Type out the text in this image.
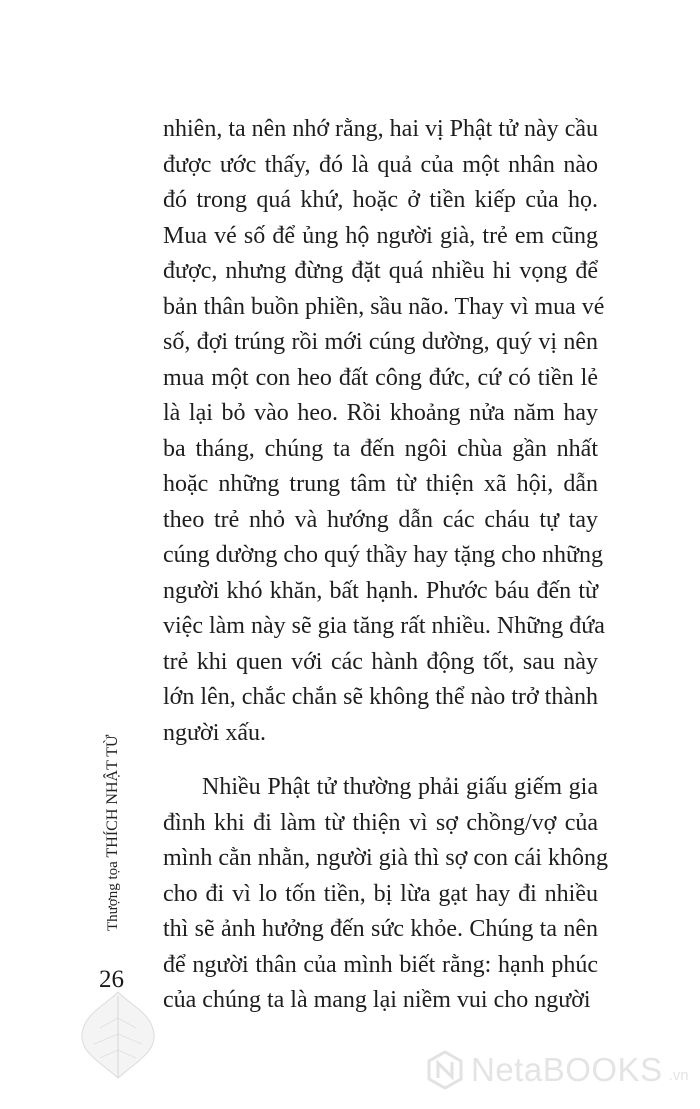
nhiên, ta nên nhớ rằng, hai vị Phật tử này cầu
được ước thấy, đó là quả của một nhân nào
đó trong quá khứ, hoặc ở tiền kiếp của họ.
Mua vé số để ủng hộ người già, trẻ em cũng
được, nhưng đừng đặt quá nhiều hi vọng để
bản thân buồn phiền, sầu não. Thay vì mua vé
số, đợi trúng rồi mới cúng dường, quý vị nên
mua một con heo đất công đức, cứ có tiền lẻ
là lại bỏ vào heo. Rồi khoảng nửa năm hay
ba tháng, chúng ta đến ngôi chùa gần nhất
hoặc những trung tâm từ thiện xã hội, dẫn
theo trẻ nhỏ và hướng dẫn các cháu tự tay
cúng dường cho quý thầy hay tặng cho những
người khó khăn, bất hạnh. Phước báu đến từ
việc làm này sẽ gia tăng rất nhiều. Những đứa
trẻ khi quen với các hành động tốt, sau này
lớn lên, chắc chắn sẽ không thể nào trở thành
người xấu.
Nhiều Phật tử thường phải giấu giếm gia
đình khi đi làm từ thiện vì sợ chồng/vợ của
mình cằn nhằn, người già thì sợ con cái không
cho đi vì lo tốn tiền, bị lừa gạt hay đi nhiều
thì sẽ ảnh hưởng đến sức khỏe. Chúng ta nên
để người thân của mình biết rằng: hạnh phúc
của chúng ta là mang lại niềm vui cho người
Thượng tọa THÍCH NHẬT TỪ
26
NetaBOOKS .vn
